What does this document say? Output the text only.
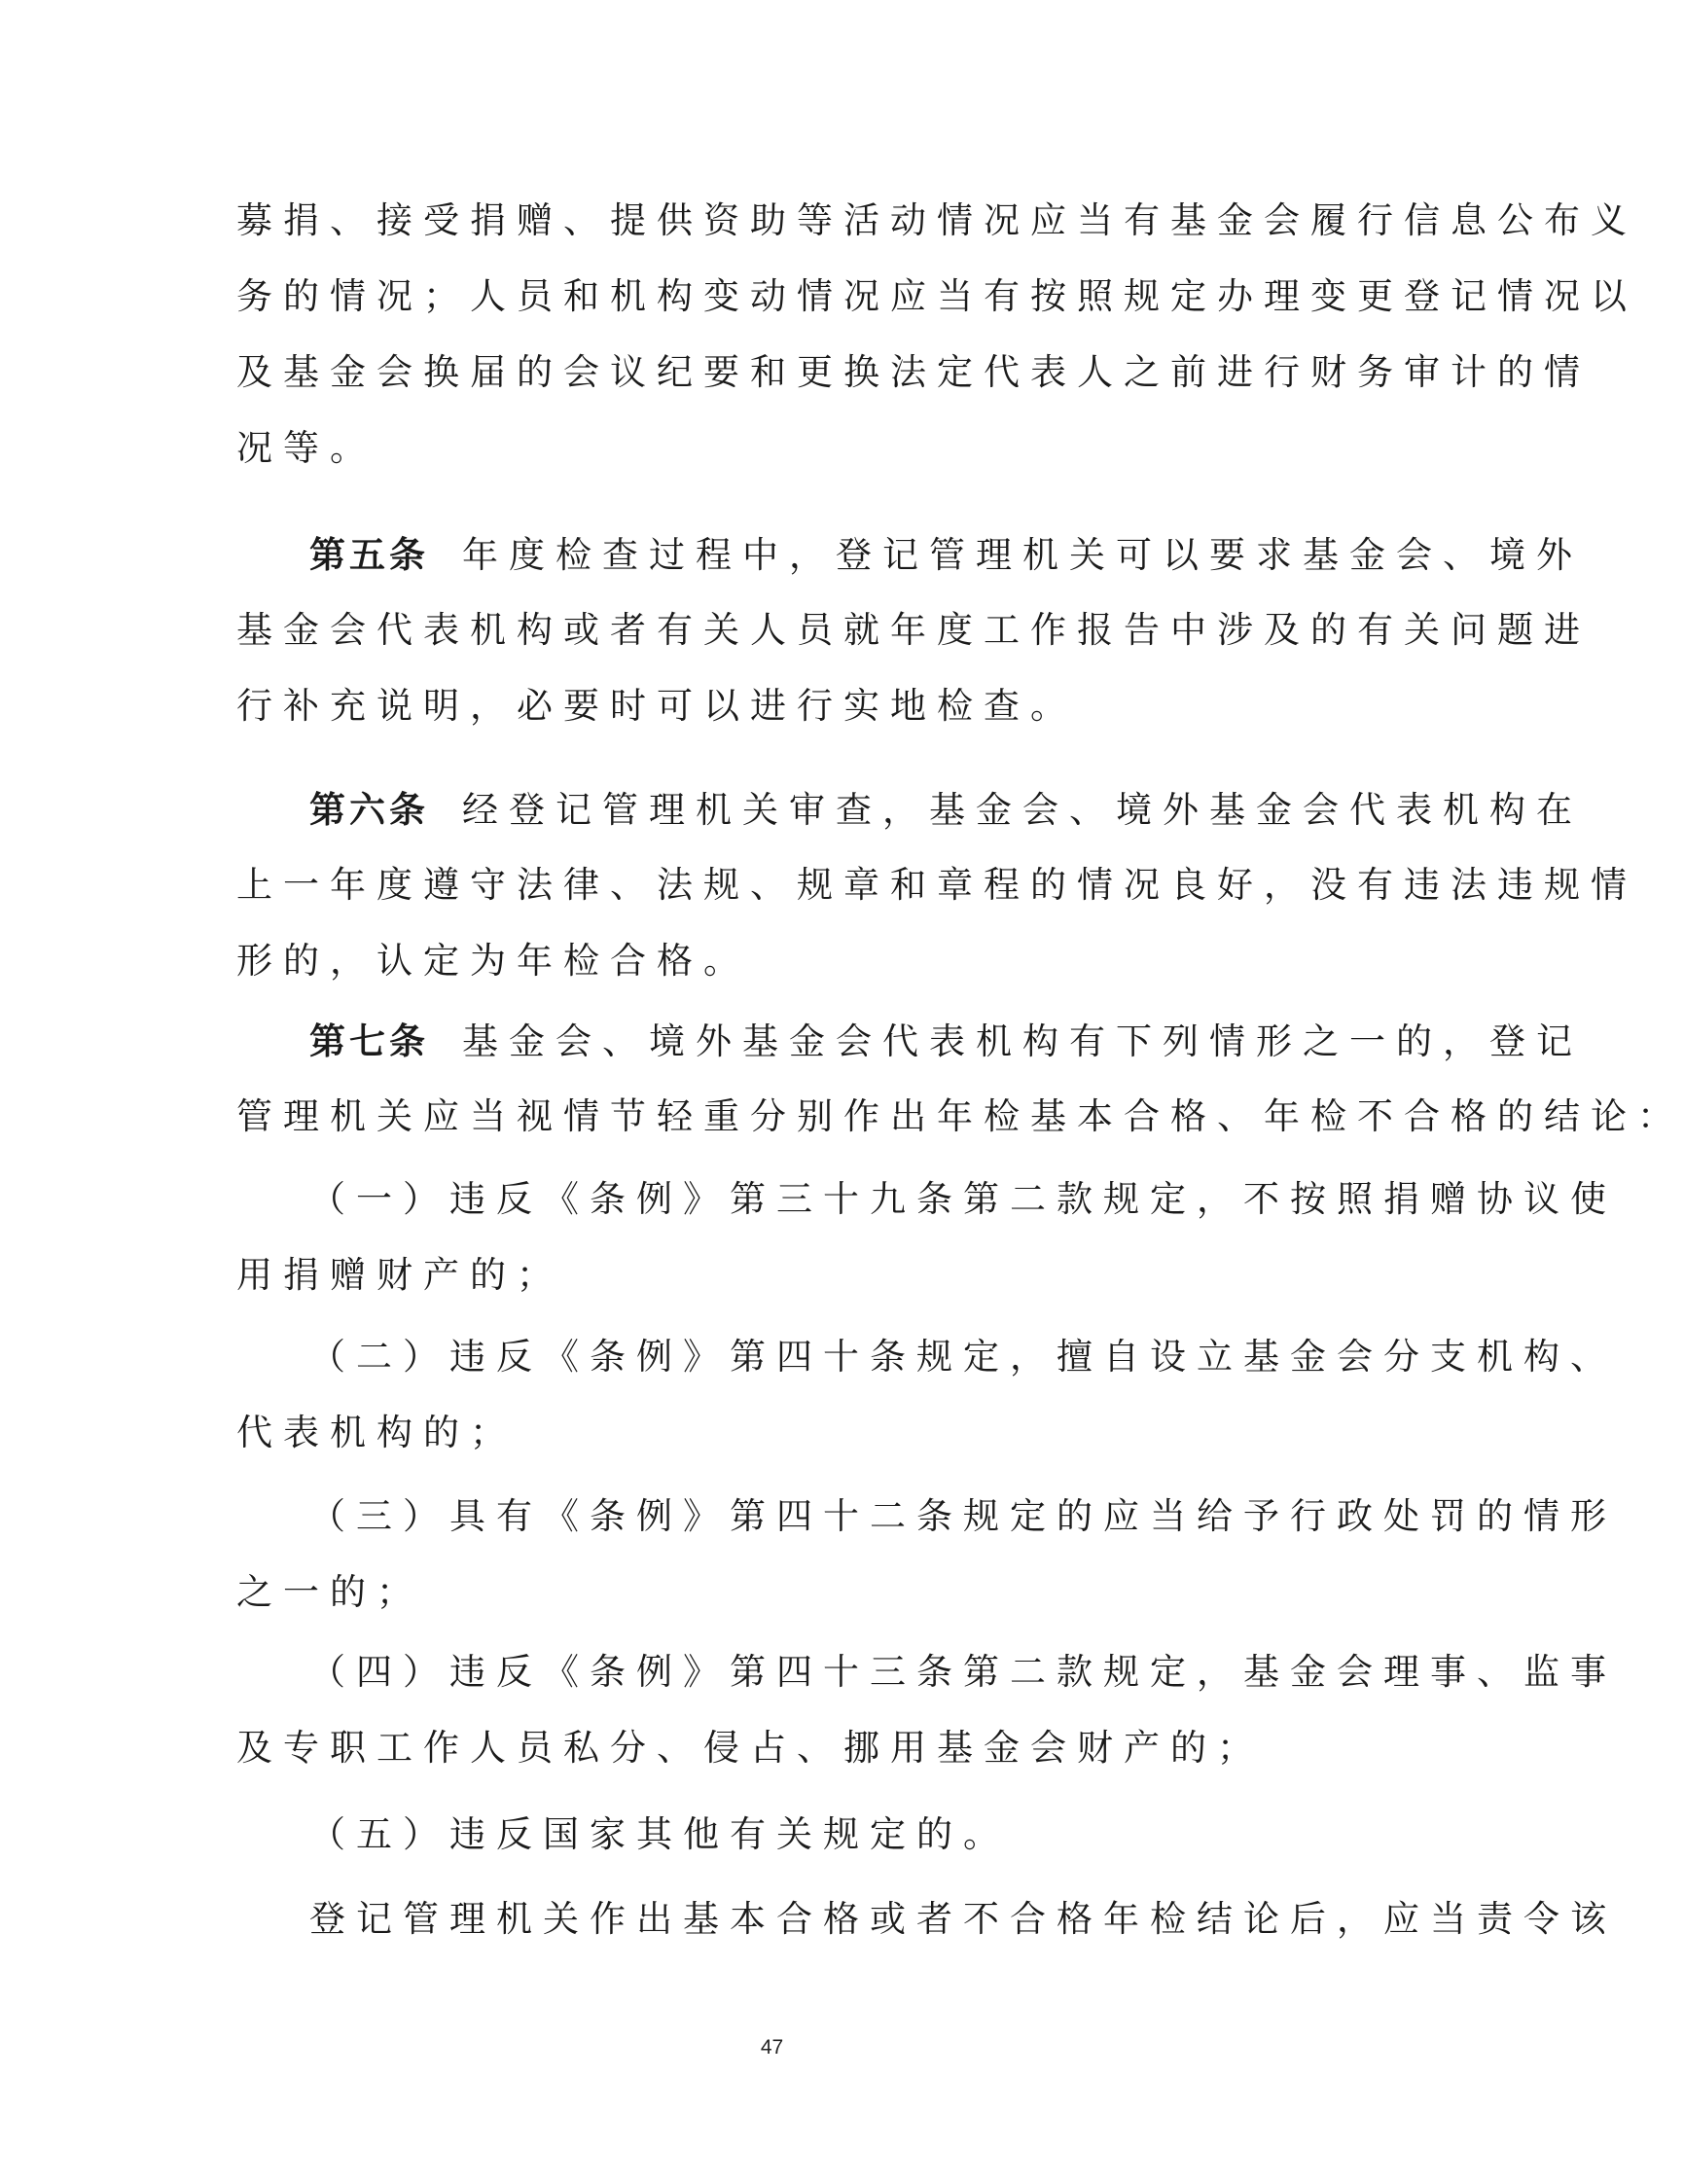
募捐、接受捐赠、提供资助等活动情况应当有基金会履行信息公布义
务的情况；人员和机构变动情况应当有按照规定办理变更登记情况以
及基金会换届的会议纪要和更换法定代表人之前进行财务审计的情
况等。
第五条 年度检查过程中，登记管理机关可以要求基金会、境外
基金会代表机构或者有关人员就年度工作报告中涉及的有关问题进
行补充说明，必要时可以进行实地检查。
第六条 经登记管理机关审查，基金会、境外基金会代表机构在
上一年度遵守法律、法规、规章和章程的情况良好，没有违法违规情
形的，认定为年检合格。
第七条 基金会、境外基金会代表机构有下列情形之一的，登记
管理机关应当视情节轻重分别作出年检基本合格、年检不合格的结论：
（一）违反《条例》第三十九条第二款规定，不按照捐赠协议使
用捐赠财产的；
（二）违反《条例》第四十条规定，擅自设立基金会分支机构、
代表机构的；
（三）具有《条例》第四十二条规定的应当给予行政处罚的情形
之一的；
（四）违反《条例》第四十三条第二款规定，基金会理事、监事
及专职工作人员私分、侵占、挪用基金会财产的；
（五）违反国家其他有关规定的。
登记管理机关作出基本合格或者不合格年检结论后，应当责令该
47
